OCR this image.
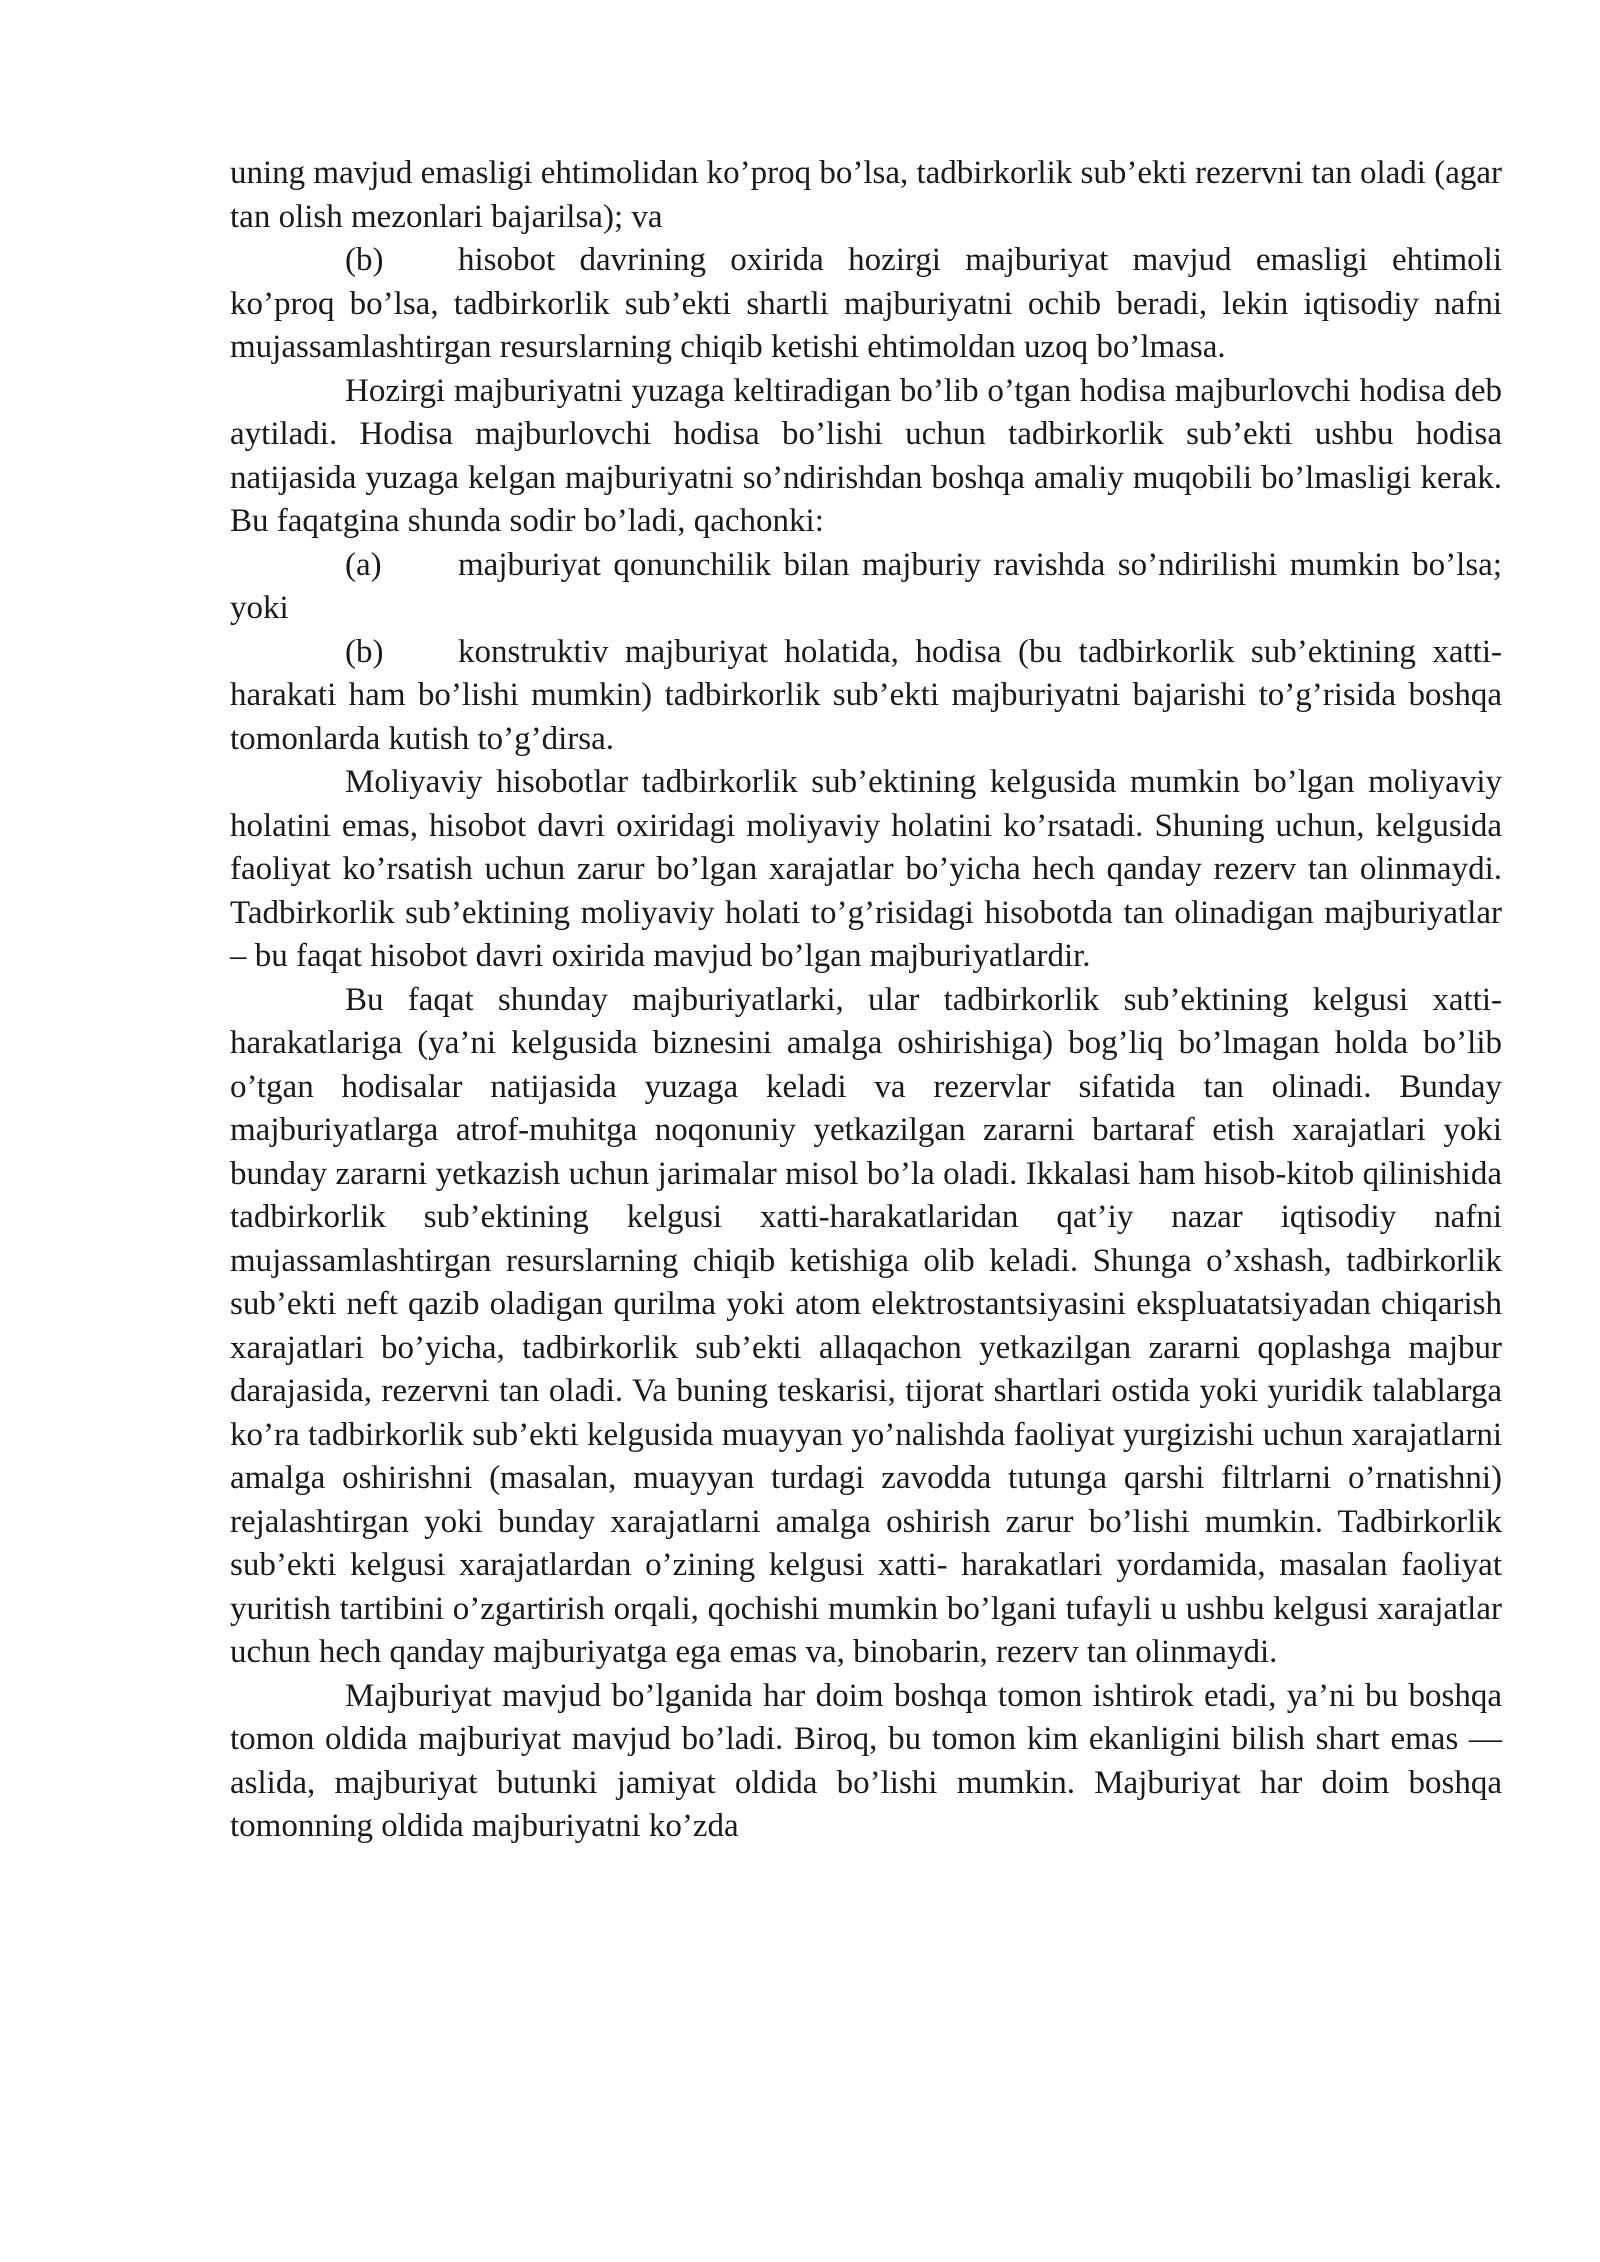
uning mavjud emasligi ehtimolidan ko’proq bo’lsa, tadbirkorlik sub’ekti rezervni tan oladi (agar tan olish mezonlari bajarilsa); va

(b) hisobot davrining oxirida hozirgi majburiyat mavjud emasligi ehtimoli ko’proq bo’lsa, tadbirkorlik sub’ekti shartli majburiyatni ochib beradi, lekin iqtisodiy nafni mujassamlashtirgan resurslarning chiqib ketishi ehtimoldan uzoq bo’lmasa.

Hozirgi majburiyatni yuzaga keltiradigan bo’lib o’tgan hodisa majburlovchi hodisa deb aytiladi. Hodisa majburlovchi hodisa bo’lishi uchun tadbirkorlik sub’ekti ushbu hodisa natijasida yuzaga kelgan majburiyatni so’ndirishdan boshqa amaliy muqobili bo’lmasligi kerak. Bu faqatgina shunda sodir bo’ladi, qachonki:

(a) majburiyat qonunchilik bilan majburiy ravishda so’ndirilishi mumkin bo’lsa; yoki

(b) konstruktiv majburiyat holatida, hodisa (bu tadbirkorlik sub’ektining xatti-harakati ham bo’lishi mumkin) tadbirkorlik sub’ekti majburiyatni bajarishi to’g’risida boshqa tomonlarda kutish to’g’dirsa.

Moliyaviy hisobotlar tadbirkorlik sub’ektining kelgusida mumkin bo’lgan moliyaviy holatini emas, hisobot davri oxiridagi moliyaviy holatini ko’rsatadi. Shuning uchun, kelgusida faoliyat ko’rsatish uchun zarur bo’lgan xarajatlar bo’yicha hech qanday rezerv tan olinmaydi. Tadbirkorlik sub’ektining moliyaviy holati to’g’risidagi hisobotda tan olinadigan majburiyatlar – bu faqat hisobot davri oxirida mavjud bo’lgan majburiyatlardir.

Bu faqat shunday majburiyatlarki, ular tadbirkorlik sub’ektining kelgusi xatti- harakatlariga (ya’ni kelgusida biznesini amalga oshirishiga) bog’liq bo’lmagan holda bo’lib o’tgan hodisalar natijasida yuzaga keladi va rezervlar sifatida tan olinadi. Bunday majburiyatlarga atrof-muhitga noqonuniy yetkazilgan zararni bartaraf etish xarajatlari yoki bunday zararni yetkazish uchun jarimalar misol bo’la oladi. Ikkalasi ham hisob-kitob qilinishida tadbirkorlik sub’ektining kelgusi xatti-harakatlaridan qat’iy nazar iqtisodiy nafni mujassamlashtirgan resurslarning chiqib ketishiga olib keladi. Shunga o’xshash, tadbirkorlik sub’ekti neft qazib oladigan qurilma yoki atom elektrostantsiyasini ekspluatatsiyadan chiqarish xarajatlari bo’yicha, tadbirkorlik sub’ekti allaqachon yetkazilgan zararni qoplashga majbur darajasida, rezervni tan oladi. Va buning teskarisi, tijorat shartlari ostida yoki yuridik talablarga ko’ra tadbirkorlik sub’ekti kelgusida muayyan yo’nalishda faoliyat yurgizishi uchun xarajatlarni amalga oshirishni (masalan, muayyan turdagi zavodda tutunga qarshi filtrlarni o’rnatishni) rejalashtirgan yoki bunday xarajatlarni amalga oshirish zarur bo’lishi mumkin. Tadbirkorlik sub’ekti kelgusi xarajatlardan o’zining kelgusi xatti- harakatlari yordamida, masalan faoliyat yuritish tartibini o’zgartirish orqali, qochishi mumkin bo’lgani tufayli u ushbu kelgusi xarajatlar uchun hech qanday majburiyatga ega emas va, binobarin, rezerv tan olinmaydi.

Majburiyat mavjud bo’lganida har doim boshqa tomon ishtirok etadi, ya’ni bu boshqa tomon oldida majburiyat mavjud bo’ladi. Biroq, bu tomon kim ekanligini bilish shart emas — aslida, majburiyat butunki jamiyat oldida bo’lishi mumkin. Majburiyat har doim boshqa tomonning oldida majburiyatni ko’zda
